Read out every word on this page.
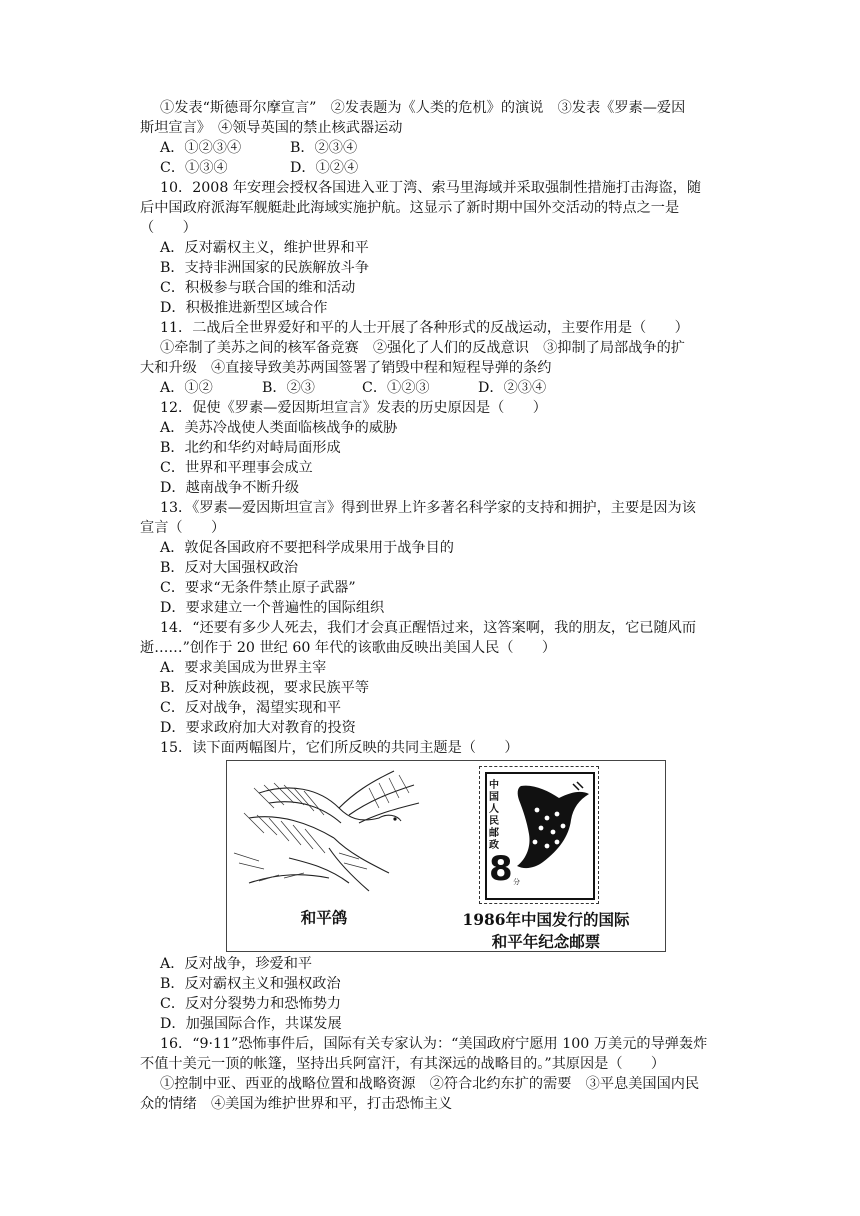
①发表“斯德哥尔摩宣言”　②发表题为《人类的危机》的演说　③发表《罗素—爱因
斯坦宣言》　④领导英国的禁止核武器运动
A．①②③④	B．②③④
C．①③④	D．①②④
10．2008 年安理会授权各国进入亚丁湾、索马里海域并采取强制性措施打击海盗，随
后中国政府派海军舰艇赴此海域实施护航。这显示了新时期中国外交活动的特点之一是
（　　）
A．反对霸权主义，维护世界和平
B．支持非洲国家的民族解放斗争
C．积极参与联合国的维和活动
D．积极推进新型区域合作
11．二战后全世界爱好和平的人士开展了各种形式的反战运动，主要作用是（　　）
①牵制了美苏之间的核军备竞赛　②强化了人们的反战意识　③抑制了局部战争的扩
大和升级　④直接导致美苏两国签署了销毁中程和短程导弹的条约
A．①②	B．②③	C．①②③	D．②③④
12．促使《罗素—爱因斯坦宣言》发表的历史原因是（　　）
A．美苏冷战使人类面临核战争的威胁
B．北约和华约对峙局面形成
C．世界和平理事会成立
D．越南战争不断升级
13．《罗素—爱因斯坦宣言》得到世界上许多著名科学家的支持和拥护，主要是因为该
宣言（　　）
A．敦促各国政府不要把科学成果用于战争目的
B．反对大国强权政治
C．要求“无条件禁止原子武器”
D．要求建立一个普遍性的国际组织
14．“还要有多少人死去，我们才会真正醒悟过来，这答案啊，我的朋友，它已随风而
逝……”创作于 20 世纪 60 年代的该歌曲反映出美国人民（　　）
A．要求美国成为世界主宰
B．反对种族歧视，要求民族平等
C．反对战争，渴望实现和平
D．要求政府加大对教育的投资
15．读下面两幅图片，它们所反映的共同主题是（　　）
和平鸽
中国人民邮政
8 分
1986年中国发行的国际
和平年纪念邮票
A．反对战争，珍爱和平
B．反对霸权主义和强权政治
C．反对分裂势力和恐怖势力
D．加强国际合作，共谋发展
16．“9·11”恐怖事件后，国际有关专家认为：“美国政府宁愿用 100 万美元的导弹轰炸
不值十美元一顶的帐篷，坚持出兵阿富汗，有其深远的战略目的。”其原因是（　　）
①控制中亚、西亚的战略位置和战略资源　②符合北约东扩的需要　③平息美国国内民
众的情绪　④美国为维护世界和平，打击恐怖主义
